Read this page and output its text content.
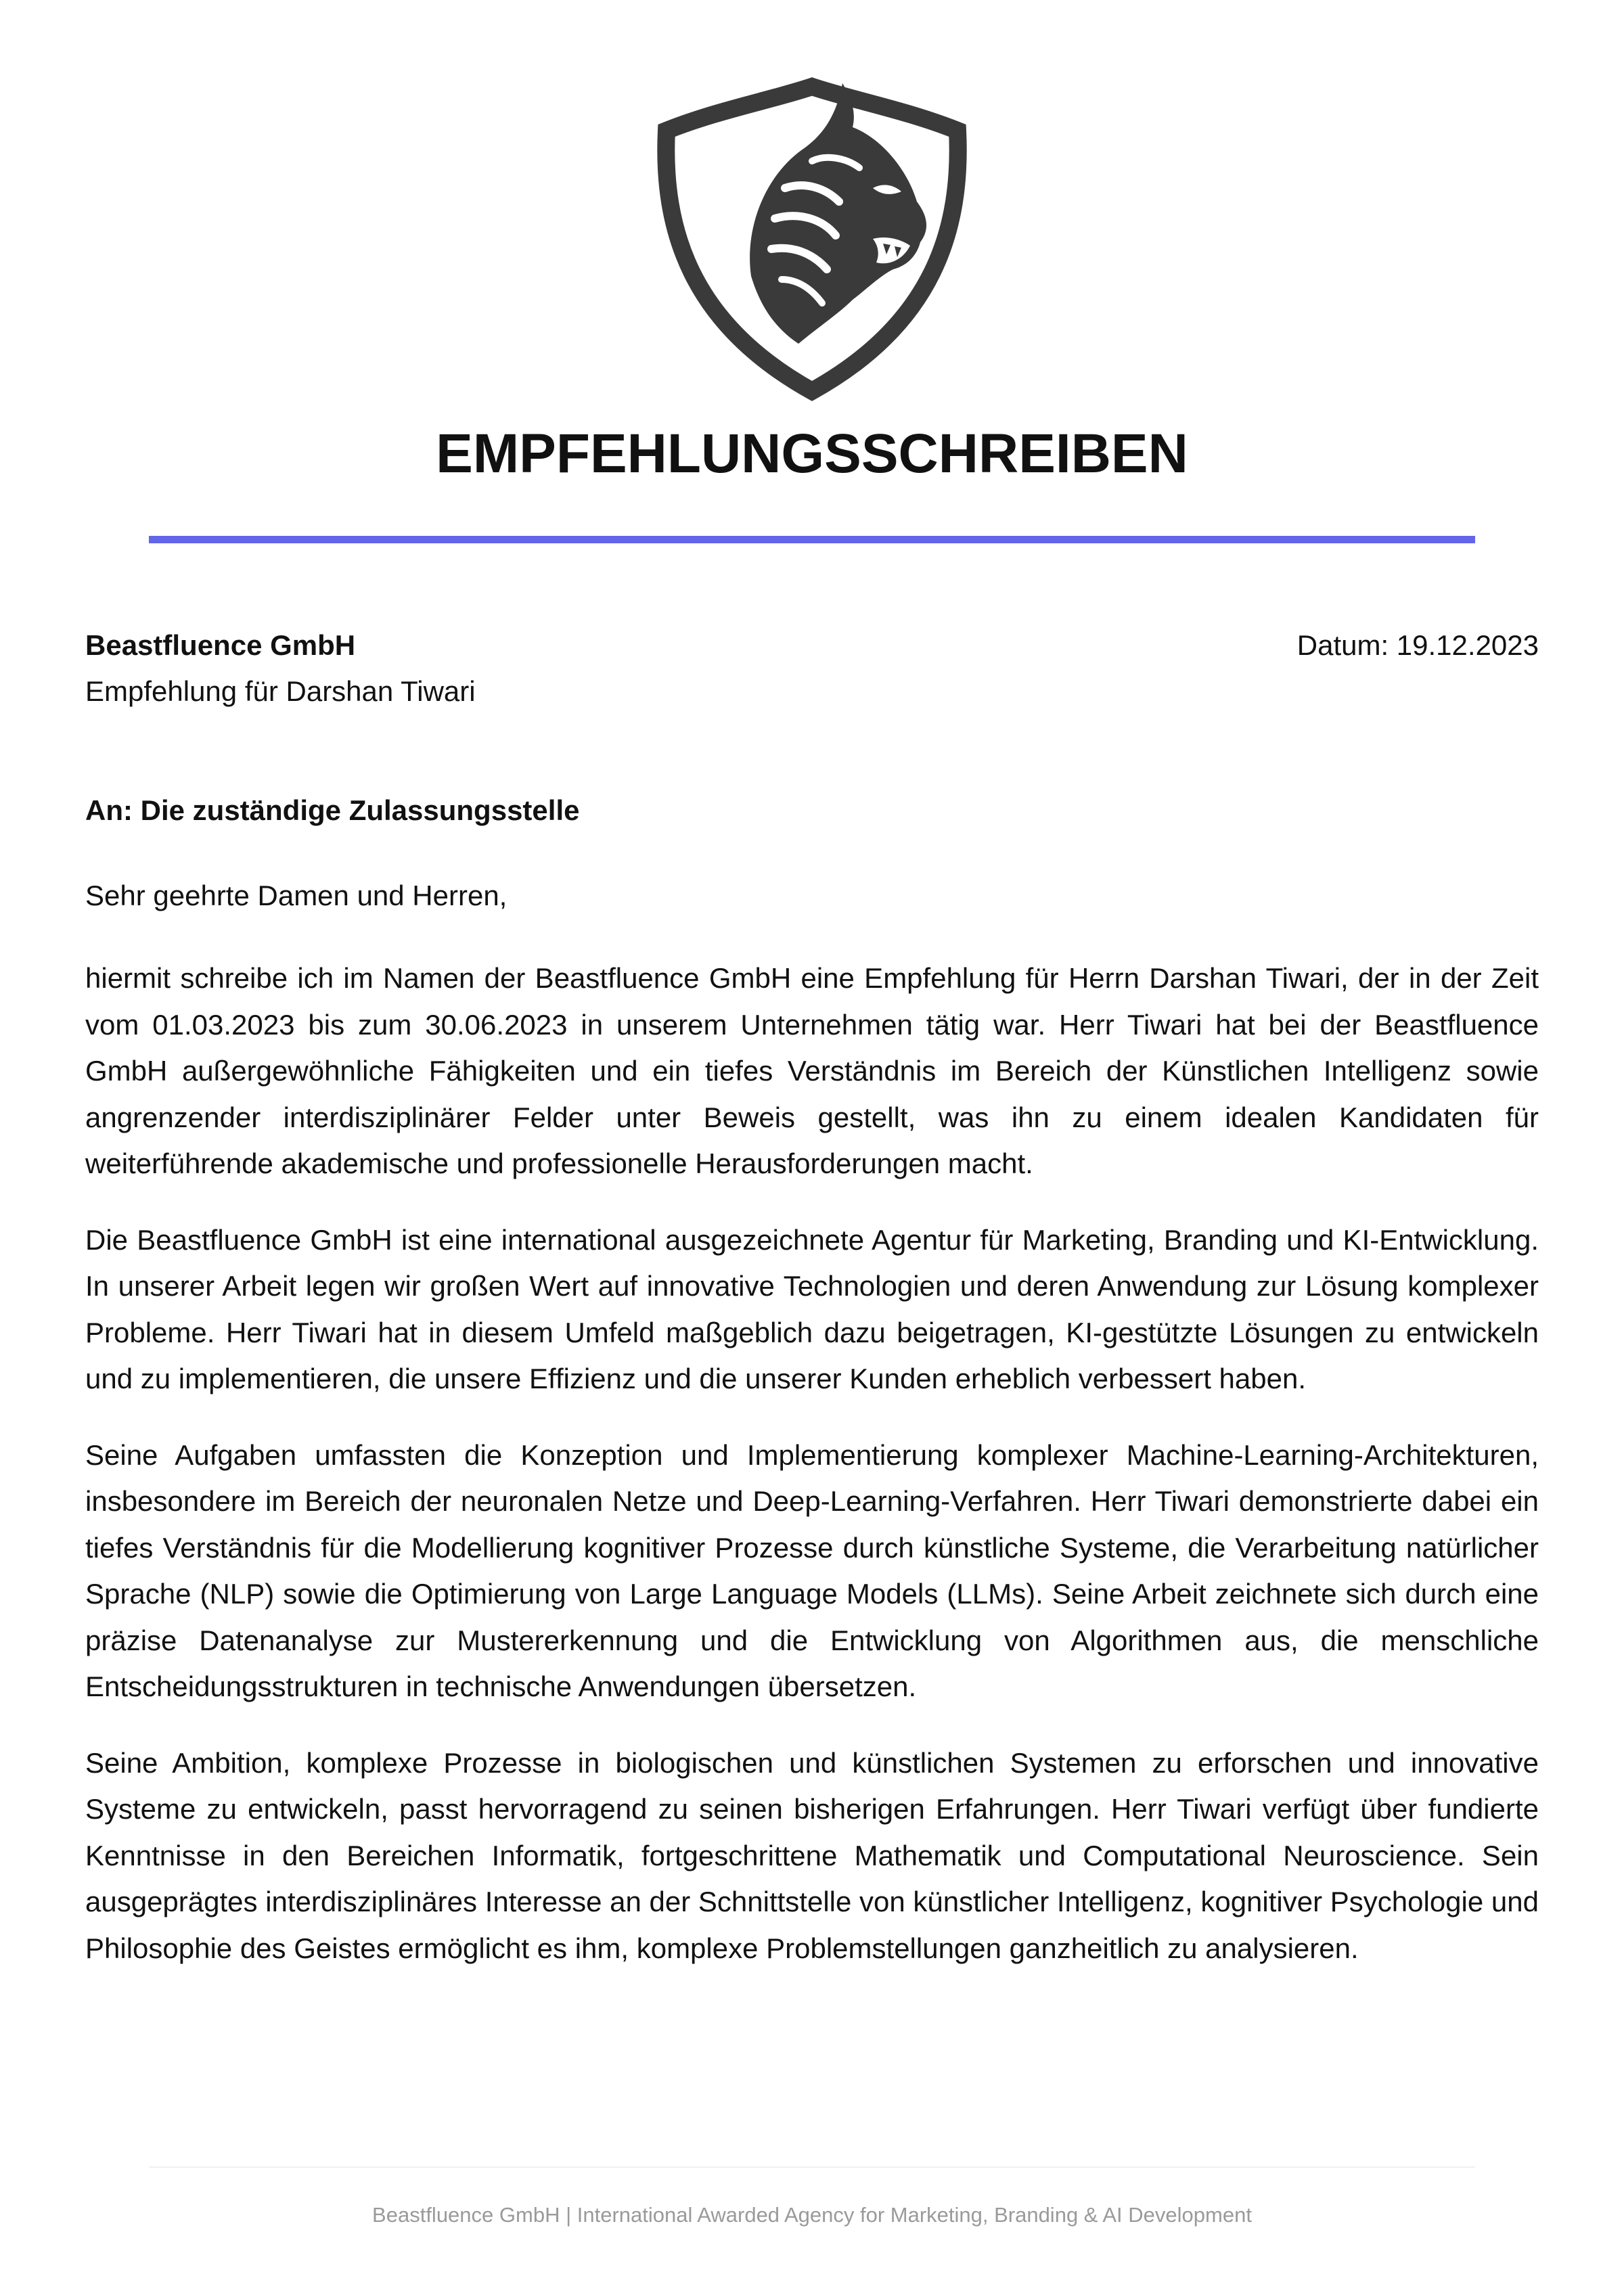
EMPFEHLUNGSSCHREIBEN
Beastfluence GmbH
Empfehlung für Darshan Tiwari
Datum: 19.12.2023
An: Die zuständige Zulassungsstelle
Sehr geehrte Damen und Herren,

hiermit schreibe ich im Namen der Beastfluence GmbH eine Empfehlung für Herrn Darshan Tiwari, der in der Zeit vom 01.03.2023 bis zum 30.06.2023 in unserem Unternehmen tätig war. Herr Tiwari hat bei der Beastfluence GmbH außergewöhnliche Fähigkeiten und ein tiefes Verständnis im Bereich der Künstlichen Intelligenz sowie angrenzender interdisziplinärer Felder unter Beweis gestellt, was ihn zu einem idealen Kandidaten für weiterführende akademische und professionelle Herausforderungen macht.

Die Beastfluence GmbH ist eine international ausgezeichnete Agentur für Marketing, Branding und KI-Entwicklung. In unserer Arbeit legen wir großen Wert auf innovative Technologien und deren Anwendung zur Lösung komplexer Probleme. Herr Tiwari hat in diesem Umfeld maßgeblich dazu beigetragen, KI-gestützte Lösungen zu entwickeln und zu implementieren, die unsere Effizienz und die unserer Kunden erheblich verbessert haben.

Seine Aufgaben umfassten die Konzeption und Implementierung komplexer Machine-Learning-Architekturen, insbesondere im Bereich der neuronalen Netze und Deep-Learning-Verfahren. Herr Tiwari demonstrierte dabei ein tiefes Verständnis für die Modellierung kognitiver Prozesse durch künstliche Systeme, die Verarbeitung natürlicher Sprache (NLP) sowie die Optimierung von Large Language Models (LLMs). Seine Arbeit zeichnete sich durch eine präzise Datenanalyse zur Mustererkennung und die Entwicklung von Algorithmen aus, die menschliche Entscheidungsstrukturen in technische Anwendungen übersetzen.

Seine Ambition, komplexe Prozesse in biologischen und künstlichen Systemen zu erforschen und innovative Systeme zu entwickeln, passt hervorragend zu seinen bisherigen Erfahrungen. Herr Tiwari verfügt über fundierte Kenntnisse in den Bereichen Informatik, fortgeschrittene Mathematik und Computational Neuroscience. Sein ausgeprägtes interdisziplinäres Interesse an der Schnittstelle von künstlicher Intelligenz, kognitiver Psychologie und Philosophie des Geistes ermöglicht es ihm, komplexe Problemstellungen ganzheitlich zu analysieren.

Beastfluence GmbH | International Awarded Agency for Marketing, Branding & AI Development
